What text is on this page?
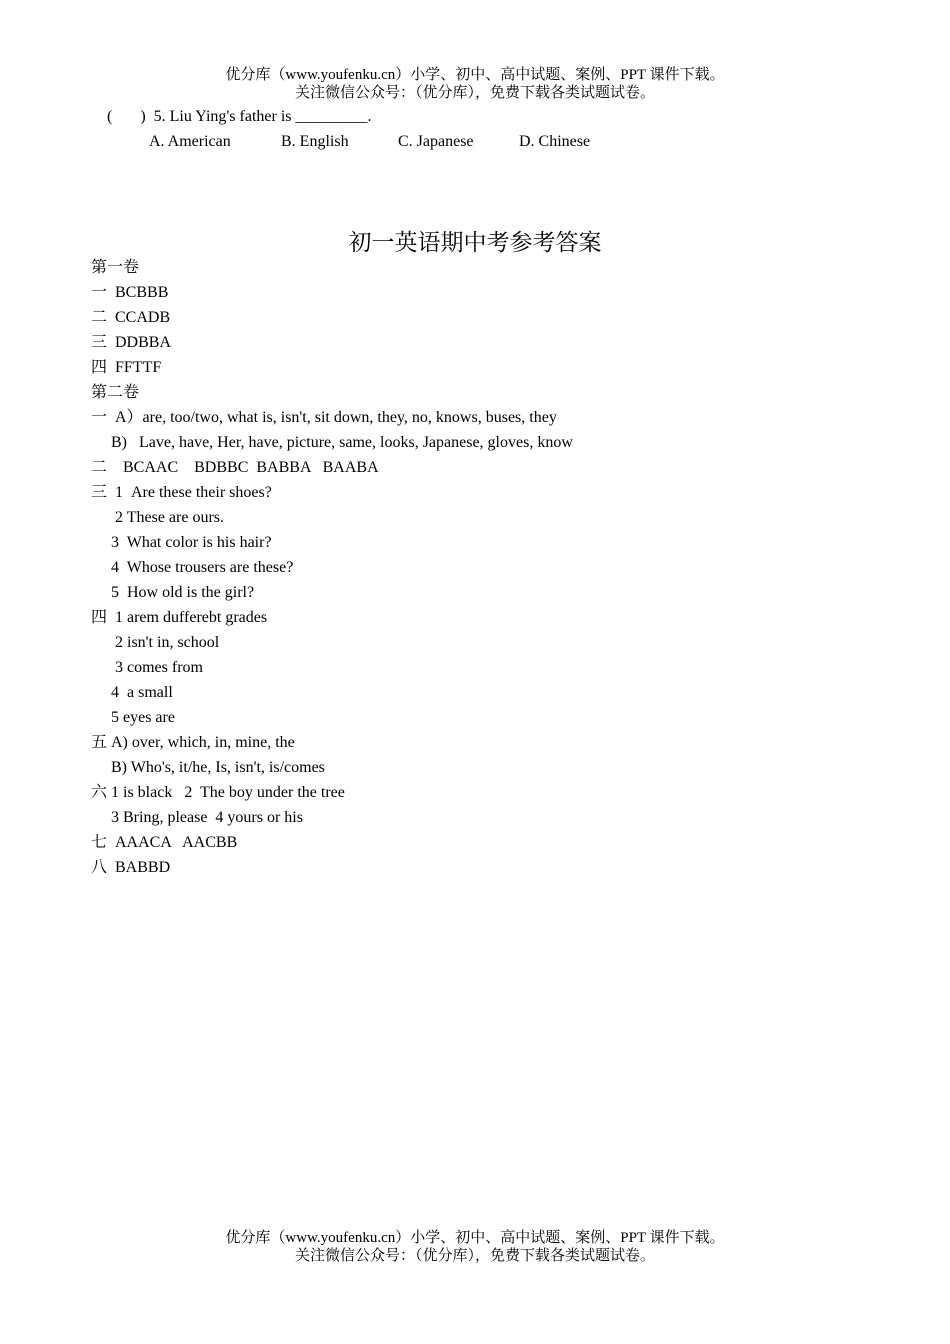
优分库（www.youfenku.cn）小学、初中、高中试题、案例、PPT 课件下载。
关注微信公众号：（优分库），免费下载各类试题试卷。
(       )  5. Liu Ying's father is _________.
A. American	B. English	C. Japanese	D. Chinese
初一英语期中考参考答案
第一卷
一  BCBBB
二  CCADB
三  DDBBA
四  FFTTF
第二卷
一  A）are, too/two, what is, isn't, sit down, they, no, knows, buses, they
B)   Lave, have, Her, have, picture, same, looks, Japanese, gloves, know
二    BCAAC    BDBBC  BABBA   BAABA
三  1  Are these their shoes?
2 These are ours.
3  What color is his hair?
4  Whose trousers are these?
5  How old is the girl?
四  1 arem dufferebt grades
2 isn't in, school
3 comes from
4  a small
5 eyes are
五 A) over, which, in, mine, the
B) Who's, it/he, Is, isn't, is/comes
六 1 is black   2  The boy under the tree
3 Bring, please  4 yours or his
七  AAACA   AACBB
八  BABBD
优分库（www.youfenku.cn）小学、初中、高中试题、案例、PPT 课件下载。
关注微信公众号：（优分库），免费下载各类试题试卷。
